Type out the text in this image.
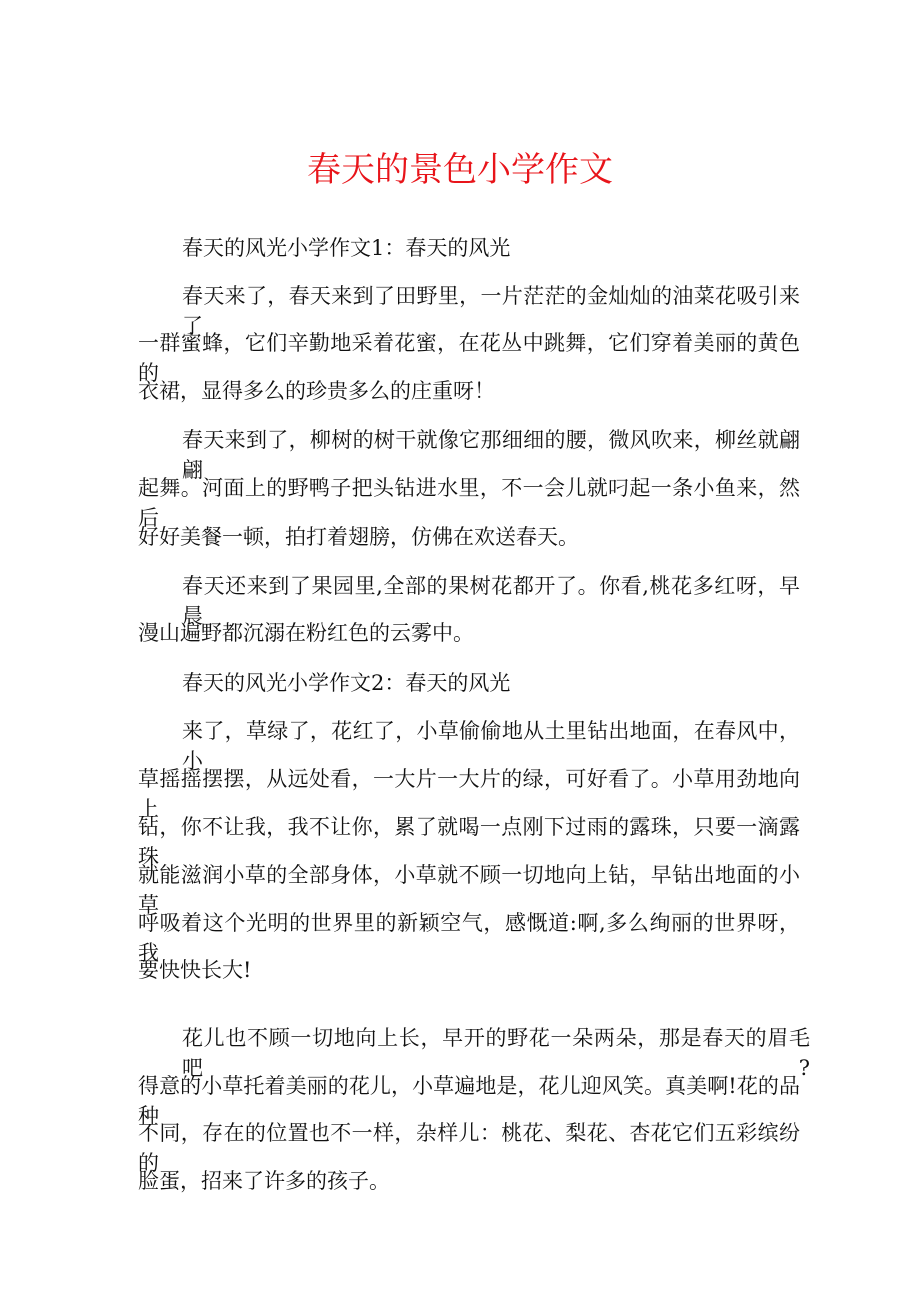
春天的景色小学作文
春天的风光小学作文1：春天的风光
春天来了，春天来到了田野里，一片茫茫的金灿灿的油菜花吸引来了
一群蜜蜂，它们辛勤地采着花蜜，在花丛中跳舞，它们穿着美丽的黄色的
衣裙，显得多么的珍贵多么的庄重呀！
春天来到了，柳树的树干就像它那细细的腰，微风吹来，柳丝就翩翩
起舞。河面上的野鸭子把头钻进水里，不一会儿就叼起一条小鱼来，然后
好好美餐一顿，拍打着翅膀，仿佛在欢送春天。
春天还来到了果园里,全部的果树花都开了。你看,桃花多红呀，早晨
漫山遍野都沉溺在粉红色的云雾中。
春天的风光小学作文2：春天的风光
来了，草绿了，花红了，小草偷偷地从土里钻出地面，在春风中，小
草摇摇摆摆，从远处看，一大片一大片的绿，可好看了。小草用劲地向上
钻，你不让我，我不让你，累了就喝一点刚下过雨的露珠，只要一滴露珠
就能滋润小草的全部身体，小草就不顾一切地向上钻，早钻出地面的小草
呼吸着这个光明的世界里的新颖空气，感慨道:啊,多么绚丽的世界呀，我
要快快长大!
花儿也不顾一切地向上长，早开的野花一朵两朵，那是春天的眉毛吧?
得意的小草托着美丽的花儿，小草遍地是，花儿迎风笑。真美啊!花的品种
不同，存在的位置也不一样，杂样儿：桃花、梨花、杏花它们五彩缤纷的
脸蛋，招来了许多的孩子。
